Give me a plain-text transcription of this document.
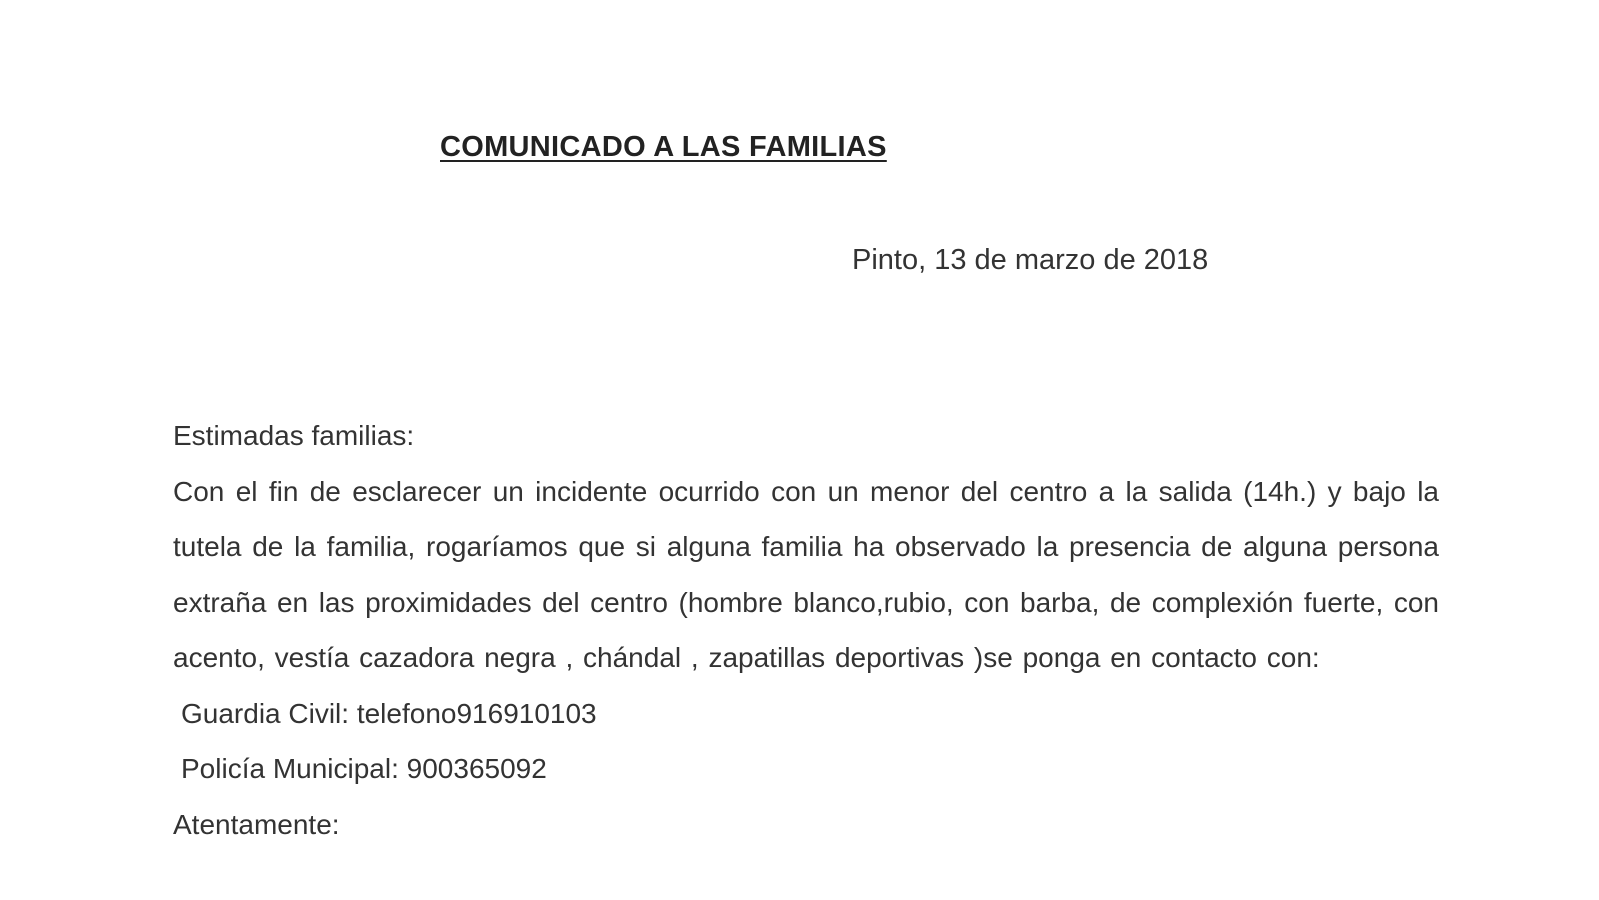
COMUNICADO A LAS FAMILIAS
Pinto, 13 de marzo de 2018

Estimadas familias:

Con el fin de esclarecer un incidente ocurrido con un menor del centro a la salida (14h.) y bajo la tutela de la familia, rogaríamos que si alguna familia ha observado la presencia de alguna persona extraña en las proximidades del centro (hombre blanco,rubio, con barba, de complexión fuerte, con acento, vestía cazadora negra , chándal , zapatillas deportivas )se ponga en contacto con:

Guardia Civil: telefono916910103

Policía Municipal: 900365092

Atentamente:
